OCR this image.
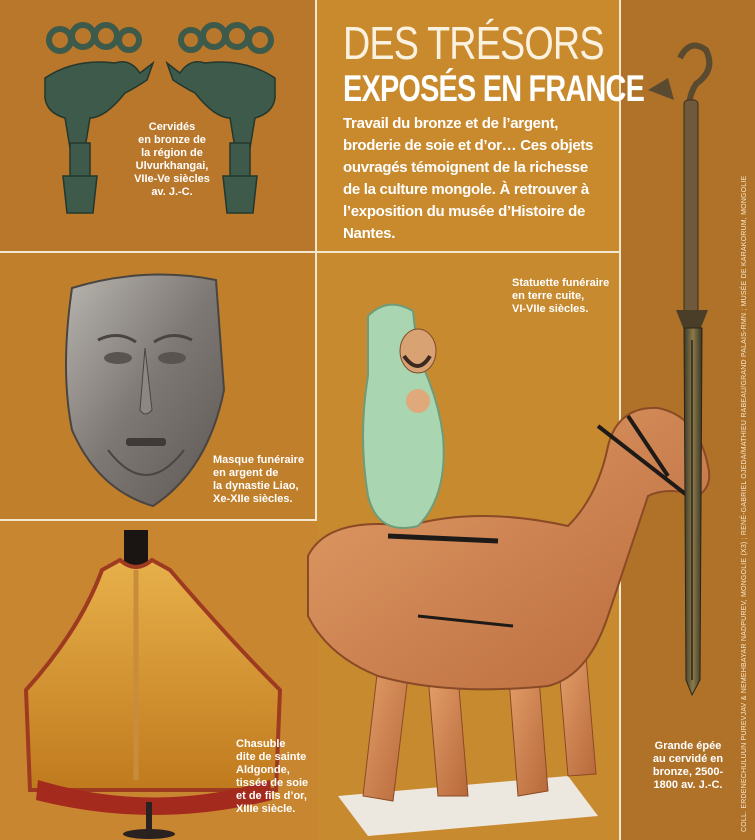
Cervidés
en bronze de
la région de
Ulvurkhangai,
VIIe-Ve siècles
av. J.-C.
DES TRÉSORS
EXPOSÉS EN FRANCE
Travail du bronze et de l’argent, broderie de soie et d’or… Ces objets ouvragés témoignent de la richesse de la culture mongole. À retrouver à l’exposition du musée d’Histoire de Nantes.
Masque funéraire
en argent de
la dynastie Liao,
Xe-XIIe siècles.
Chasuble
dite de sainte
Aldgonde,
tissée de soie
et de fils d’or,
XIIIe siècle.
Statuette funéraire
en terre cuite,
VI-VIIe siècles.
Grande épée
au cervidé en
bronze, 2500-
1800 av. J.-C.	COLL. ERDENECHULUUN PUREVJAV & NEMEHBAYAR NADPUREV, MONGOLIE (X3) ; RENÉ-GABRIEL OJEDA/MATHIEU RABEAU/GRAND PALAIS-RMN ; MUSÉE DE KARAKORUM, MONGOLIE
